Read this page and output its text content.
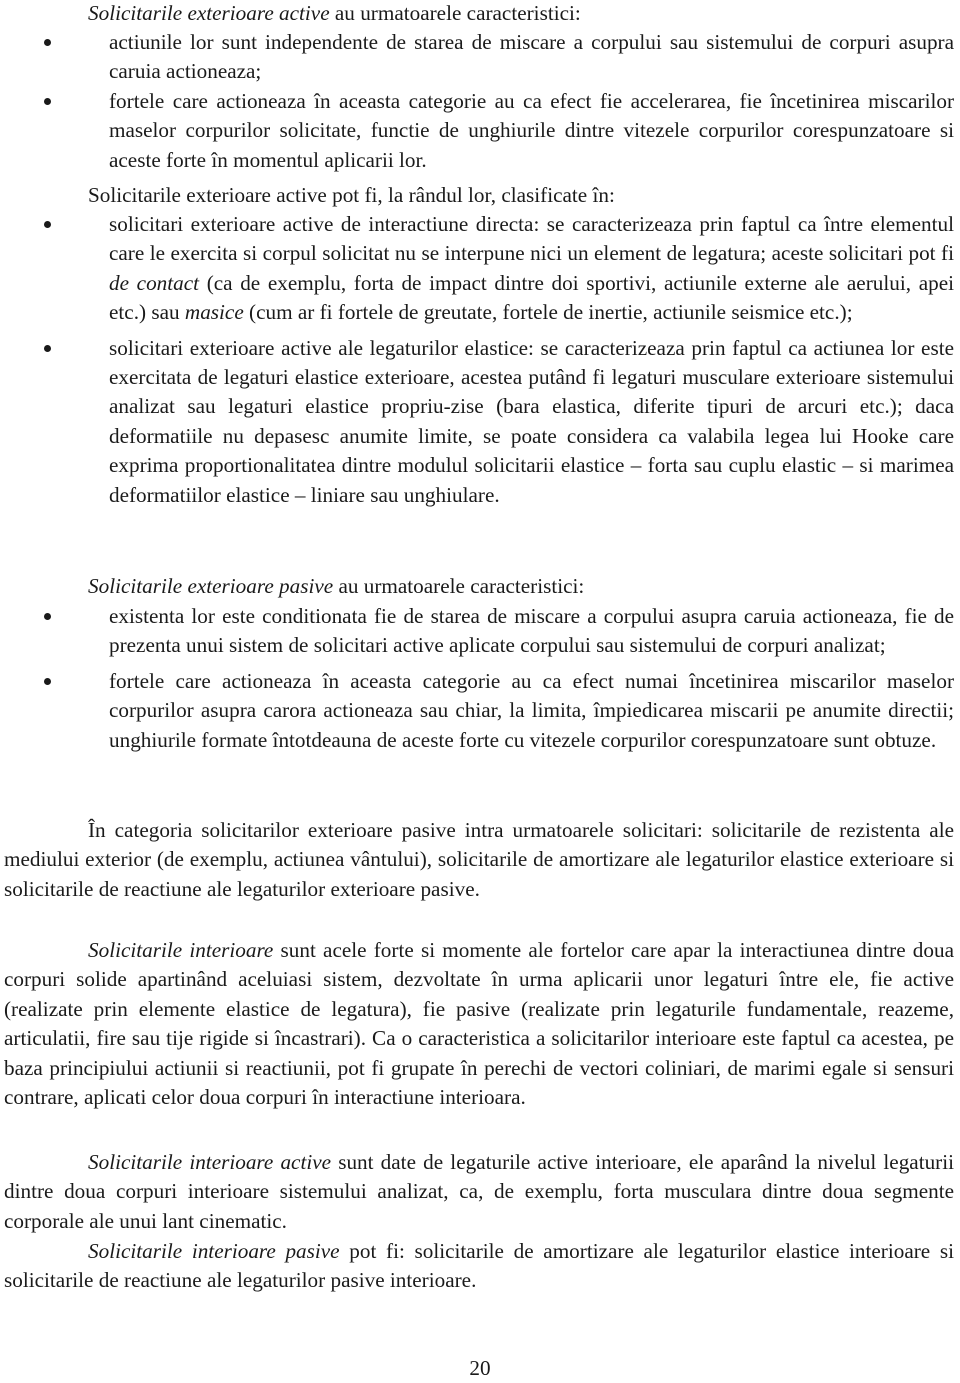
Solicitarile exterioare active au urmatoarele caracteristici:

actiunile lor sunt independente de starea de miscare a corpului sau sistemului de corpuri asupra caruia actioneaza;
fortele care actioneaza în aceasta categorie au ca efect fie accelerarea, fie încetinirea miscarilor maselor corpurilor solicitate, functie de unghiurile dintre vitezele corpurilor corespunzatoare si aceste forte în momentul aplicarii lor.

Solicitarile exterioare active pot fi, la rândul lor, clasificate în:

solicitari exterioare active de interactiune directa: se caracterizeaza prin faptul ca între elementul care le exercita si corpul solicitat nu se interpune nici un element de legatura; aceste solicitari pot fi de contact (ca de exemplu, forta de impact dintre doi sportivi, actiunile externe ale aerului, apei etc.) sau masice (cum ar fi fortele de greutate, fortele de inertie, actiunile seismice etc.);
solicitari exterioare active ale legaturilor elastice: se caracterizeaza prin faptul ca actiunea lor este exercitata de legaturi elastice exterioare, acestea putând fi legaturi musculare exterioare sistemului analizat sau legaturi elastice propriu-zise (bara elastica, diferite tipuri de arcuri etc.); daca deformatiile nu depasesc anumite limite, se poate considera ca valabila legea lui Hooke care exprima proportionalitatea dintre modulul solicitarii elastice – forta sau cuplu elastic – si marimea deformatiilor elastice – liniare sau unghiulare.

Solicitarile exterioare pasive au urmatoarele caracteristici:

existenta lor este conditionata fie de starea de miscare a corpului asupra caruia actioneaza, fie de prezenta unui sistem de solicitari active aplicate corpului sau sistemului de corpuri analizat;
fortele care actioneaza în aceasta categorie au ca efect numai încetinirea miscarilor maselor corpurilor asupra carora actioneaza sau chiar, la limita, împiedicarea miscarii pe anumite directii; unghiurile formate întotdeauna de aceste forte cu vitezele corpurilor corespunzatoare sunt obtuze.

În categoria solicitarilor exterioare pasive intra urmatoarele solicitari: solicitarile de rezistenta ale mediului exterior (de exemplu, actiunea vântului), solicitarile de amortizare ale legaturilor elastice exterioare si solicitarile de reactiune ale legaturilor exterioare pasive.

Solicitarile interioare sunt acele forte si momente ale fortelor care apar la interactiunea dintre doua corpuri solide apartinând aceluiasi sistem, dezvoltate în urma aplicarii unor legaturi între ele, fie active (realizate prin elemente elastice de legatura), fie pasive (realizate prin legaturile fundamentale, reazeme, articulatii, fire sau tije rigide si încastrari). Ca o caracteristica a solicitarilor interioare este faptul ca acestea, pe baza principiului actiunii si reactiunii, pot fi grupate în perechi de vectori coliniari, de marimi egale si sensuri contrare, aplicati celor doua corpuri în interactiune interioara.

Solicitarile interioare active sunt date de legaturile active interioare, ele aparând la nivelul legaturii dintre doua corpuri interioare sistemului analizat, ca, de exemplu, forta musculara dintre doua segmente corporale ale unui lant cinematic.

Solicitarile interioare pasive pot fi: solicitarile de amortizare ale legaturilor elastice interioare si solicitarile de reactiune ale legaturilor pasive interioare.

20
